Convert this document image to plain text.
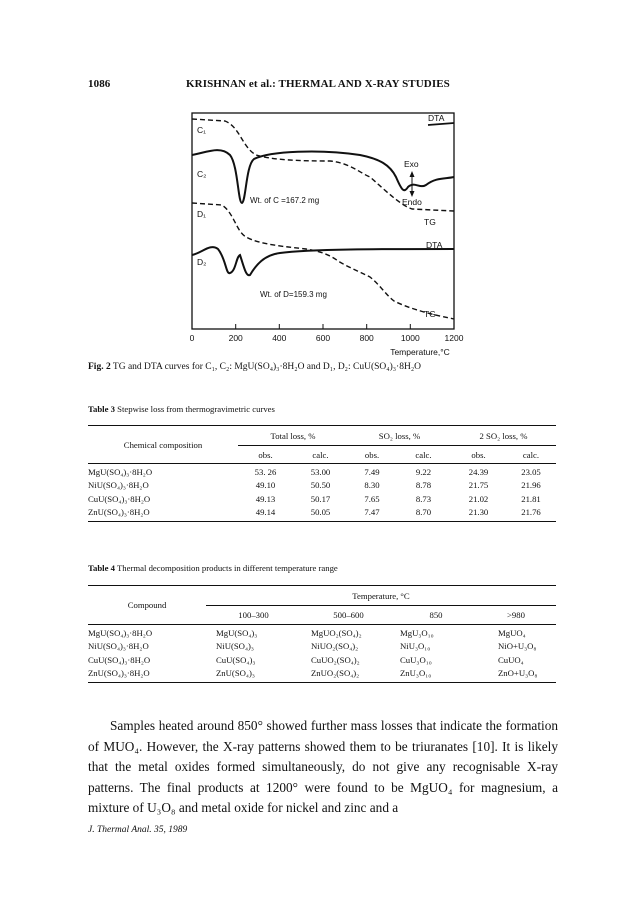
1086	KRISHNAN et al.: THERMAL AND X-RAY STUDIES
0	200	400	600	800	1000	1200
Temperature,°C
C₁
C₂
D₁
D₂
DTA
DTA
TG
TG
Exo
Endo
Wt. of C =167.2 mg
Wt. of D=159.3 mg
Fig. 2 TG and DTA curves for C₁, C₂: MgU(SO₄)₃·8H₂O and D₁, D₂: CuU(SO₄)₃·8H₂O
Table 3 Stepwise loss from thermogravimetric curves
Chemical composition	Total loss, %		SO₂ loss, %		2 SO₂ loss, %	
	obs.	calc.	obs.	calc.	obs.	calc.
MgU(SO₄)₃·8H₂O	53. 26	53.00	7.49	9.22	24.39	23.05
NiU(SO₄)₃·8H₂O	49.10	50.50	8.30	8.78	21.75	21.96
CuU(SO₄)₃·8H₂O	49.13	50.17	7.65	8.73	21.02	21.81
ZnU(SO₄)₃·8H₂O	49.14	50.05	7.47	8.70	21.30	21.76
Table 4 Thermal decomposition products in different temperature range
Compound	Temperature, °C			
	100–300	500–600	850	>980
MgU(SO₄)₃·8H₂O	MgU(SO₄)₃	MgUO₂(SO₄)₂	MgU₃O₁₀	MgUO₄
NiU(SO₄)₃·8H₂O	NiU(SO₄)₃	NiUO₂(SO₄)₂	NiU₃O₁₀	NiO+U₃O₈
CuU(SO₄)₃·8H₂O	CuU(SO₄)₃	CuUO₂(SO₄)₂	CuU₃O₁₀	CuUO₄
ZnU(SO₄)₃·8H₂O	ZnU(SO₄)₃	ZnUO₂(SO₄)₂	ZnU₃O₁₀	ZnO+U₃O₈

Samples heated around 850° showed further mass losses that indicate the formation of MUO₄. However, the X-ray patterns showed them to be triuranates [10]. It is likely that the metal oxides formed simultaneously, do not give any recognisable X-ray patterns. The final products at 1200° were found to be MgUO₄ for magnesium, a mixture of U₃O₈ and metal oxide for nickel and zinc and a

J. Thermal Anal. 35, 1989
